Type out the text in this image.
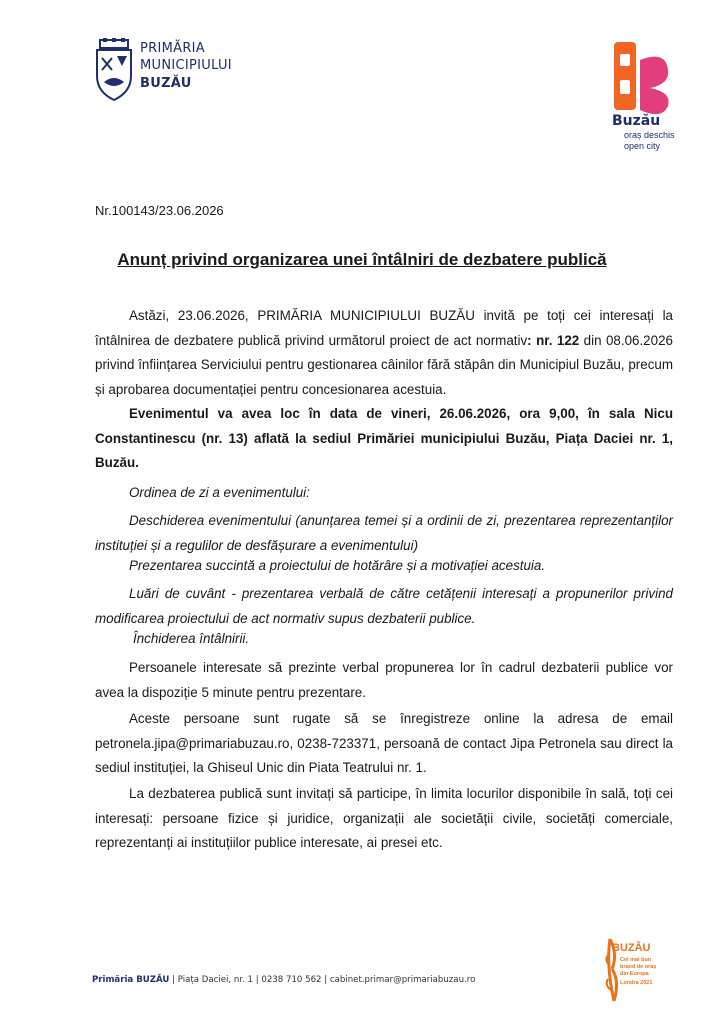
PRIMĂRIA
MUNICIPIULUI
BUZĂU
Buzău
oraș deschis
open city
Nr.100143/23.06.2026
Anunț privind organizarea unei întâlniri de dezbatere publică
Astăzi, 23.06.2026, PRIMĂRIA MUNICIPIULUI BUZĂU invită pe toți cei interesați la întâlnirea de dezbatere publică privind următorul proiect de act normativ: nr. 122 din 08.06.2026 privind înființarea Serviciului pentru gestionarea câinilor fără stăpân din Municipiul Buzău, precum și aprobarea documentației pentru concesionarea acestuia.
Evenimentul va avea loc în data de vineri, 26.06.2026, ora 9,00, în sala Nicu Constantinescu (nr. 13) aflată la sediul Primăriei municipiului Buzău, Piața Daciei nr. 1, Buzău.
Ordinea de zi a evenimentului:
Deschiderea evenimentului (anunțarea temei și a ordinii de zi, prezentarea reprezentanților instituției și a regulilor de desfășurare a evenimentului)
Prezentarea succintă a proiectului de hotărâre și a motivației acestuia.
Luări de cuvânt - prezentarea verbală de către cetățenii interesați a propunerilor privind modificarea proiectului de act normativ supus dezbaterii publice.
Închiderea întâlnirii.
Persoanele interesate să prezinte verbal propunerea lor în cadrul dezbaterii publice vor avea la dispoziție 5 minute pentru prezentare.
Aceste persoane sunt rugate să se înregistreze online la adresa de email petronela.jipa@primariabuzau.ro, 0238-723371, persoană de contact Jipa Petronela sau direct la sediul instituției, la Ghiseul Unic din Piata Teatrului nr. 1.
La dezbaterea publică sunt invitați să participe, în limita locurilor disponibile în sală, toți cei interesați: persoane fizice și juridice, organizații ale societății civile, societăți comerciale, reprezentanți ai instituțiilor publice interesate, ai presei etc.
Primăria BUZĂU | Piața Daciei, nr. 1 | 0238 710 562 | cabinet.primar@primariabuzau.ro
BUZĂU
Cel mai bun
brand de oraș
din Europa
Londra 2021
